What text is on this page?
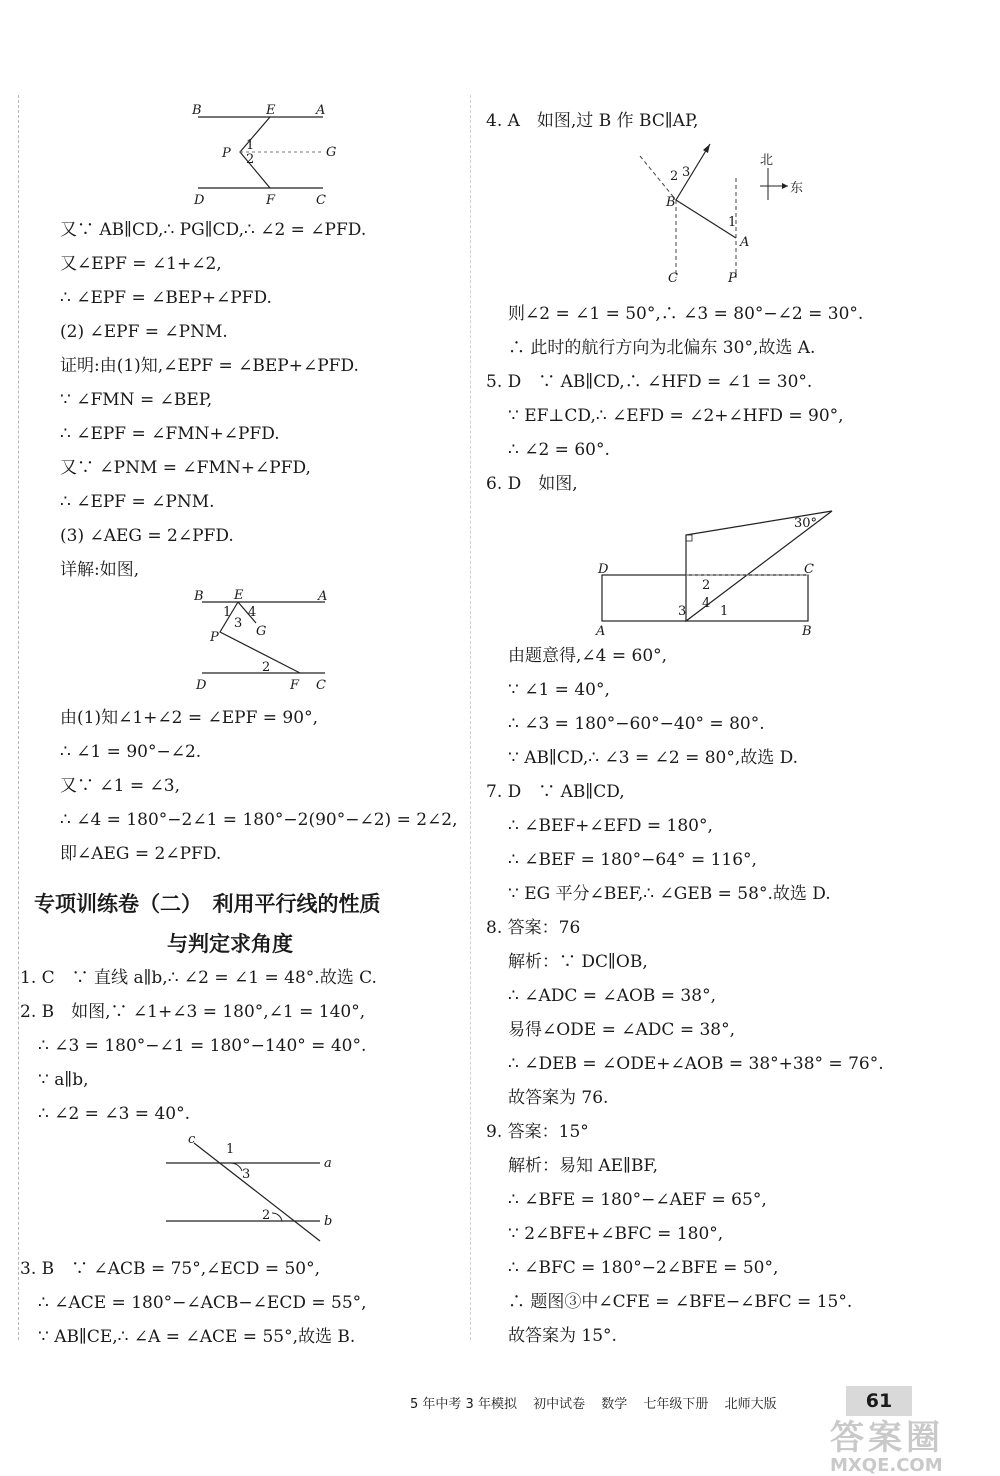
B	E	A
P
1
2	G
D	F	C
又∵ AB∥CD,∴ PG∥CD,∴ ∠2 = ∠PFD.
又∠EPF = ∠1+∠2,
∴ ∠EPF = ∠BEP+∠PFD.
(2) ∠EPF = ∠PNM.
证明:由(1)知,∠EPF = ∠BEP+∠PFD.
∵ ∠FMN = ∠BEP,
∴ ∠EPF = ∠FMN+∠PFD.
又∵ ∠PNM = ∠FMN+∠PFD,
∴ ∠EPF = ∠PNM.
(3) ∠AEG = 2∠PFD.
详解:如图,
B E	A
1 4
3
G
P
2
D	F C
由(1)知∠1+∠2 = ∠EPF = 90°,
∴ ∠1 = 90°−∠2.
又∵ ∠1 = ∠3,
∴ ∠4 = 180°−2∠1 = 180°−2(90°−∠2) = 2∠2,
即∠AEG = 2∠PFD.
专项训练卷（二）　利用平行线的性质
与判定求角度
1. C　∵ 直线 a∥b,∴ ∠2 = ∠1 = 48°.故选 C.
2. B　如图,∵ ∠1+∠3 = 180°,∠1 = 140°,
∴ ∠3 = 180°−∠1 = 180°−140° = 40°.
∵ a∥b,
∴ ∠2 = ∠3 = 40°.
c
1
3
a
2	b
3. B　∵ ∠ACB = 75°,∠ECD = 50°,
∴ ∠ACE = 180°−∠ACB−∠ECD = 55°,
∵ AB∥CE,∴ ∠A = ∠ACE = 55°,故选 B.
4. A　如图,过 B 作 BC∥AP,
北
东
2 3
B
1
A
C	P
则∠2 = ∠1 = 50°,∴ ∠3 = 80°−∠2 = 30°.
∴ 此时的航行方向为北偏东 30°,故选 A.
5. D　∵ AB∥CD,∴ ∠HFD = ∠1 = 30°.
∵ EF⊥CD,∴ ∠EFD = ∠2+∠HFD = 90°,
∴ ∠2 = 60°.
6. D　如图,
30°
D	C
2
4
3	1
A	B
由题意得,∠4 = 60°,
∵ ∠1 = 40°,
∴ ∠3 = 180°−60°−40° = 80°.
∵ AB∥CD,∴ ∠3 = ∠2 = 80°,故选 D.
7. D　∵ AB∥CD,
∴ ∠BEF+∠EFD = 180°,
∴ ∠BEF = 180°−64° = 116°,
∵ EG 平分∠BEF,∴ ∠GEB = 58°.故选 D.
8. 答案：76
解析：∵ DC∥OB,
∴ ∠ADC = ∠AOB = 38°,
易得∠ODE = ∠ADC = 38°,
∴ ∠DEB = ∠ODE+∠AOB = 38°+38° = 76°.
故答案为 76.
9. 答案：15°
解析：易知 AE∥BF,
∴ ∠BFE = 180°−∠AEF = 65°,
∵ 2∠BFE+∠BFC = 180°,
∴ ∠BFC = 180°−2∠BFE = 50°,
∴ 题图③中∠CFE = ∠BFE−∠BFC = 15°.
故答案为 15°.
5 年中考 3 年模拟 初中试卷 数学 七年级下册 北师大版	61
答案圈
MXQE.COM
